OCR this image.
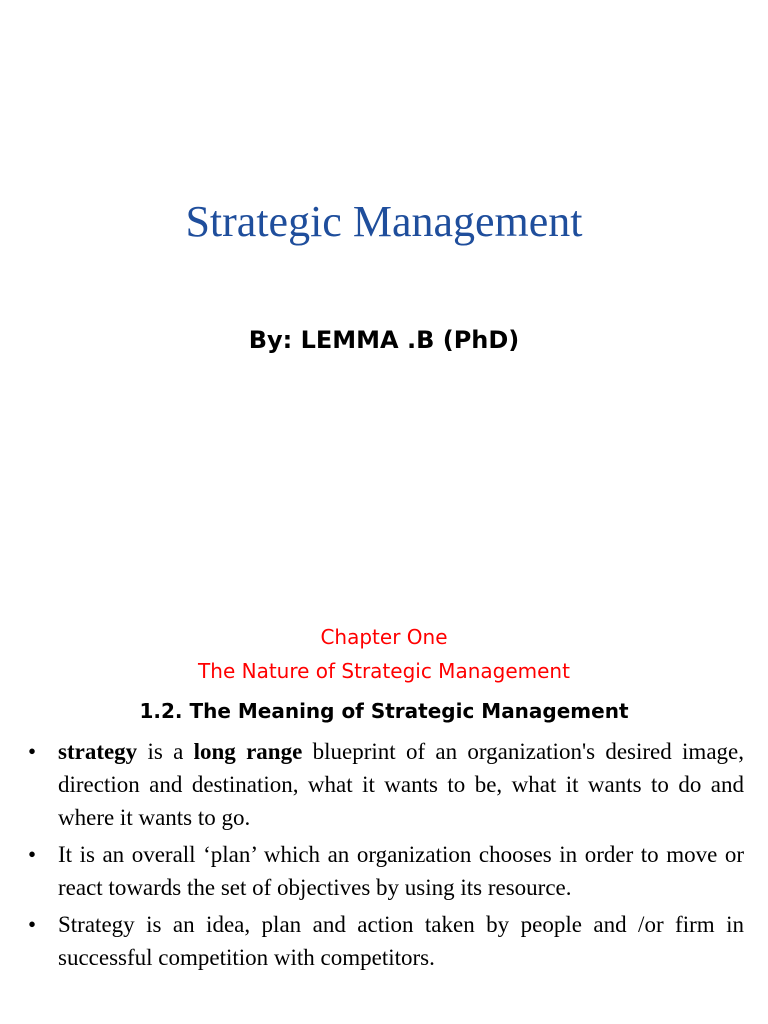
Strategic Management
By: LEMMA .B (PhD)
Chapter One
The Nature of Strategic Management
1.2. The Meaning of Strategic Management
• strategy is a long range blueprint of an organization's desired image, direction and destination, what it wants to be, what it wants to do and where it wants to go.
• It is an overall ‘plan’ which an organization chooses in order to move or react towards the set of objectives by using its resource.
• Strategy is an idea, plan and action taken by people and /or firm in successful competition with competitors.
